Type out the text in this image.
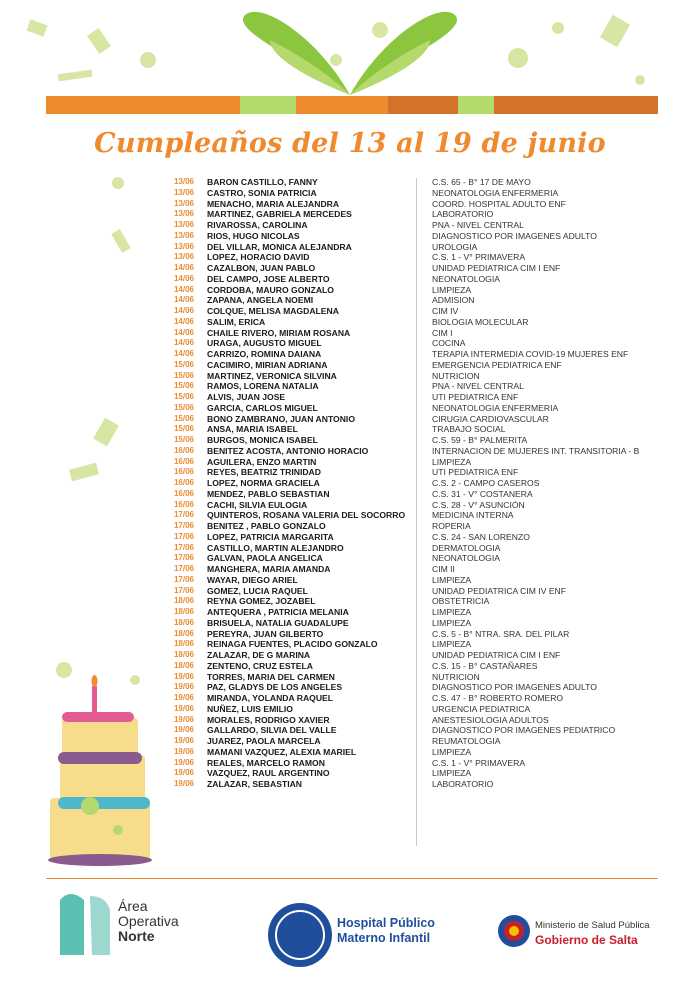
Cumpleaños del 13 al 19 de junio
13/06 BARON CASTILLO, FANNY	C.S. 65 - B° 17 DE MAYO
13/06 CASTRO, SONIA PATRICIA	NEONATOLOGIA ENFERMERIA
13/06 MENACHO, MARIA ALEJANDRA	COORD. HOSPITAL ADULTO ENF
13/06 MARTINEZ, GABRIELA MERCEDES	LABORATORIO
13/06 RIVAROSSA, CAROLINA	PNA - NIVEL CENTRAL
13/06 RIOS, HUGO NICOLAS	DIAGNOSTICO POR IMAGENES ADULTO
13/06 DEL VILLAR, MONICA ALEJANDRA	UROLOGIA
13/06 LOPEZ, HORACIO DAVID	C.S. 1 - V° PRIMAVERA
14/06 CAZALBON, JUAN PABLO	UNIDAD PEDIATRICA CIM I ENF
14/06 DEL CAMPO, JOSE ALBERTO	NEONATOLOGIA
14/06 CORDOBA, MAURO GONZALO	LIMPIEZA
14/06 ZAPANA, ANGELA NOEMI	ADMISION
14/06 COLQUE, MELISA MAGDALENA	CIM IV
14/06 SALIM, ERICA	BIOLOGIA MOLECULAR
14/06 CHAILE RIVERO, MIRIAM ROSANA	CIM I
14/06 URAGA, AUGUSTO MIGUEL	COCINA
14/06 CARRIZO, ROMINA DAIANA	TERAPIA INTERMEDIA COVID-19 MUJERES ENF
15/06 CACIMIRO, MIRIAN ADRIANA	EMERGENCIA PEDIATRICA ENF
15/06 MARTINEZ, VERONICA SILVINA	NUTRICION
15/06 RAMOS, LORENA NATALIA	PNA - NIVEL CENTRAL
15/06 ALVIS, JUAN JOSE	UTI PEDIATRICA ENF
15/06 GARCIA, CARLOS MIGUEL	NEONATOLOGIA ENFERMERIA
15/06 BONO ZAMBRANO, JUAN ANTONIO	CIRUGIA CARDIOVASCULAR
15/06 ANSA, MARIA ISABEL	TRABAJO SOCIAL
15/06 BURGOS, MONICA ISABEL	C.S. 59 - B° PALMERITA
16/06 BENITEZ ACOSTA, ANTONIO HORACIO	INTERNACION DE MUJERES INT. TRANSITORIA - B
16/06 AGUILERA, ENZO MARTIN	LIMPIEZA
16/06 REYES, BEATRIZ TRINIDAD	UTI PEDIATRICA ENF
16/06 LOPEZ, NORMA GRACIELA	C.S. 2 - CAMPO CASEROS
16/06 MENDEZ, PABLO SEBASTIAN	C.S. 31 - V° COSTANERA
16/06 CACHI, SILVIA EULOGIA	C.S. 28 - V° ASUNCIÓN
17/06 QUINTEROS, ROSANA VALERIA DEL SOCORRO	MEDICINA INTERNA
17/06 BENITEZ , PABLO GONZALO	ROPERIA
17/06 LOPEZ, PATRICIA MARGARITA	C.S. 24 - SAN LORENZO
17/06 CASTILLO, MARTIN ALEJANDRO	DERMATOLOGIA
17/06 GALVAN, PAOLA ANGELICA	NEONATOLOGIA
17/06 MANGHERA, MARIA AMANDA	CIM II
17/06 WAYAR, DIEGO ARIEL	LIMPIEZA
17/06 GOMEZ, LUCIA RAQUEL	UNIDAD PEDIATRICA CIM IV ENF
18/06 REYNA GOMEZ, JOZABEL	OBSTETRICIA
18/06 ANTEQUERA , PATRICIA MELANIA	LIMPIEZA
18/06 BRISUELA, NATALIA GUADALUPE	LIMPIEZA
18/06 PEREYRA, JUAN GILBERTO	C.S. 5 - B° NTRA. SRA. DEL PILAR
18/06 REINAGA FUENTES, PLACIDO GONZALO	LIMPIEZA
18/06 ZALAZAR, DE G MARINA	UNIDAD PEDIATRICA CIM I ENF
18/06 ZENTENO, CRUZ ESTELA	C.S. 15 - B° CASTAÑARES
19/06 TORRES, MARIA DEL CARMEN	NUTRICION
19/06 PAZ, GLADYS DE LOS ANGELES	DIAGNOSTICO POR IMAGENES ADULTO
19/06 MIRANDA, YOLANDA RAQUEL	C.S. 47 - B° ROBERTO ROMERO
19/06 NUÑEZ, LUIS EMILIO	URGENCIA PEDIATRICA
19/06 MORALES, RODRIGO XAVIER	ANESTESIOLOGIA ADULTOS
19/06 GALLARDO, SILVIA DEL VALLE	DIAGNOSTICO POR IMAGENES PEDIATRICO
19/06 JUAREZ, PAOLA MARCELA	REUMATOLOGIA
19/06 MAMANI VAZQUEZ, ALEXIA MARIEL	LIMPIEZA
19/06 REALES, MARCELO RAMON	C.S. 1 - V° PRIMAVERA
19/06 VAZQUEZ, RAUL ARGENTINO	LIMPIEZA
19/06 ZALAZAR, SEBASTIAN	LABORATORIO
Área
Operativa
Norte
Hospital Público
Materno Infantil
Ministerio de Salud Pública
Gobierno de Salta
